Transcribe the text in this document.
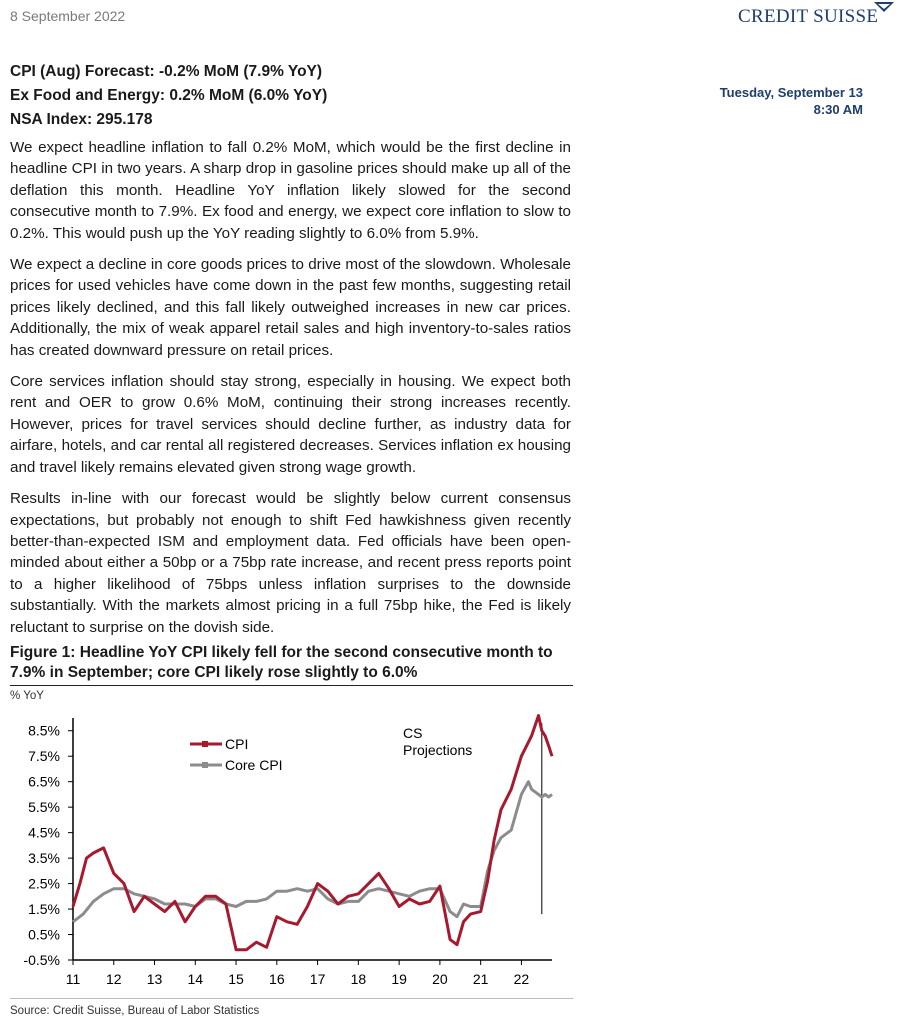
8 September 2022	CREDIT SUISSE
CPI (Aug) Forecast: -0.2% MoM (7.9% YoY)
Ex Food and Energy: 0.2% MoM (6.0% YoY)
NSA Index: 295.178
Tuesday, September 13
8:30 AM

We expect headline inflation to fall 0.2% MoM, which would be the first decline in headline CPI in two years. A sharp drop in gasoline prices should make up all of the deflation this month. Headline YoY inflation likely slowed for the second consecutive month to 7.9%. Ex food and energy, we expect core inflation to slow to 0.2%. This would push up the YoY reading slightly to 6.0% from 5.9%.

We expect a decline in core goods prices to drive most of the slowdown. Wholesale prices for used vehicles have come down in the past few months, suggesting retail prices likely declined, and this fall likely outweighed increases in new car prices. Additionally, the mix of weak apparel retail sales and high inventory-to-sales ratios has created downward pressure on retail prices.

Core services inflation should stay strong, especially in housing. We expect both rent and OER to grow 0.6% MoM, continuing their strong increases recently. However, prices for travel services should decline further, as industry data for airfare, hotels, and car rental all registered decreases. Services inflation ex housing and travel likely remains elevated given strong wage growth.

Results in-line with our forecast would be slightly below current consensus expectations, but probably not enough to shift Fed hawkishness given recently better-than-expected ISM and employment data. Fed officials have been open-minded about either a 50bp or a 75bp rate increase, and recent press reports point to a higher likelihood of 75bps unless inflation surprises to the downside substantially. With the markets almost pricing in a full 75bp hike, the Fed is likely reluctant to surprise on the dovish side.

Figure 1: Headline YoY CPI likely fell for the second consecutive month to 7.9% in September; core CPI likely rose slightly to 6.0%
% YoY
-0.5%
0.5%
1.5%
2.5%
3.5%
4.5%
5.5%
6.5%
7.5%
8.5%
11 12 13 14 15 16 17 18 19 20 21 22
CS
Projections
CPI
Core CPI
Source: Credit Suisse, Bureau of Labor Statistics
